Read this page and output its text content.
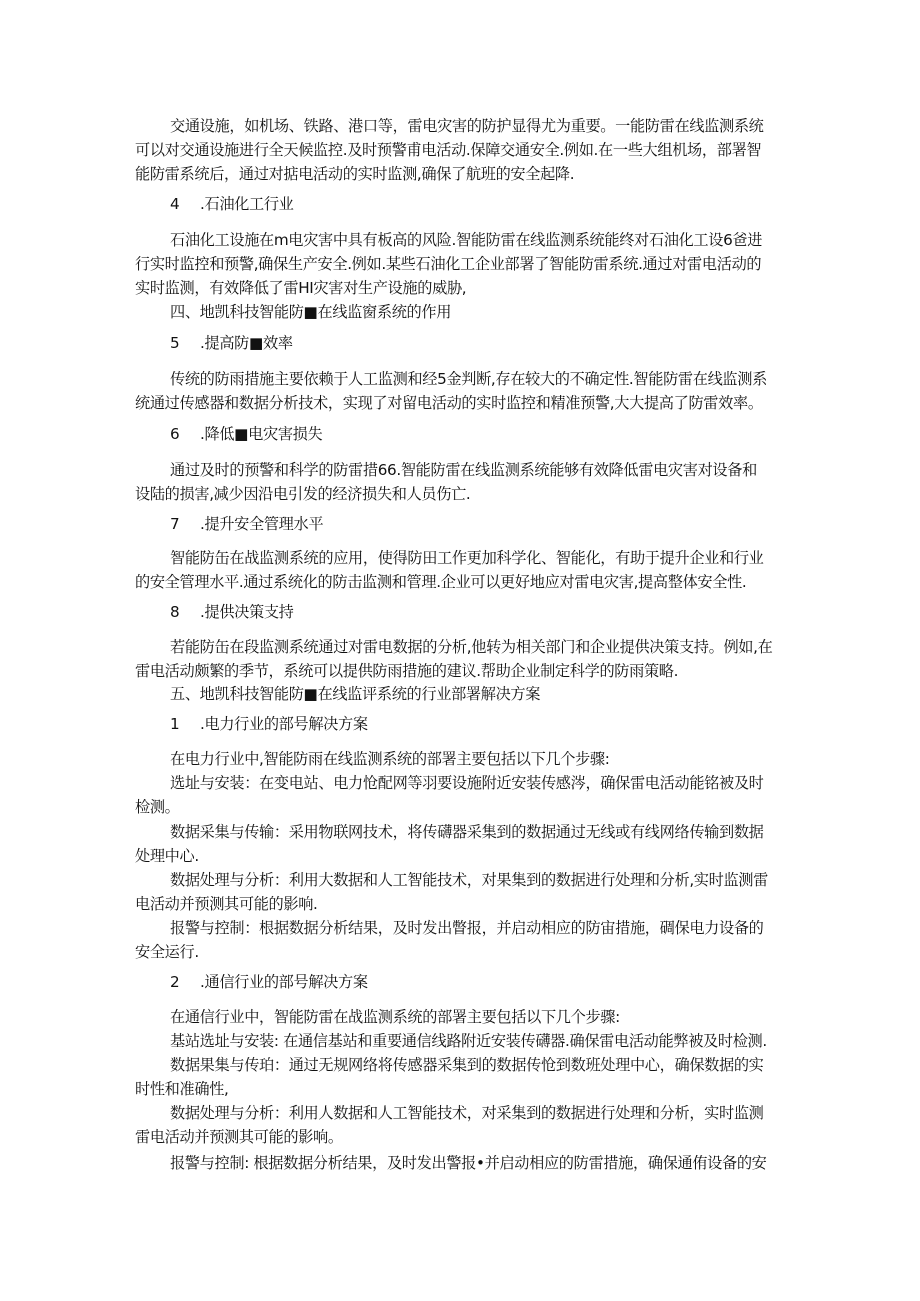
交通设施，如机场、铁路、港口等，雷电灾害的防护显得尤为重要。一能防雷在线监测系统
可以对交通设施进行全天候监控.及时预警甫电活动.保障交通安全.例如.在一些大组机场，部署智
能防雷系统后，通过对掂电活动的实时监测,确保了航班的安全起降.
4 .石油化工行业
石油化工设施在m电灾害中具有板高的风险.智能防雷在线监测系统能终对石油化工设6爸进
行实时监控和预警,确保生产安全.例如.某些石油化工企业部署了智能防雷系统.通过对雷电活动的
实时监测，有效降低了雷HI灾害对生产设施的威胁,
四、地凯科技智能防■在线监窗系统的作用
5 .提高防■效率
传统的防雨措施主要依赖于人工监测和经5金判断,存在较大的不确定性.智能防雷在线监测系
统通过传感器和数据分析技术，实现了对留电活动的实时监控和精准预警,大大提高了防雷效率。
6 .降低■电灾害损失
通过及时的预警和科学的防雷措66.智能防雷在线监测系统能够有效降低雷电灾害对设备和
设陆的损害,减少因沿电引发的经济损失和人员伤亡.
7 .提升安全管理水平
智能防缶在战监测系统的应用，使得防田工作更加科学化、智能化，有助于提升企业和行业
的安全管理水平.通过系统化的防击监测和管理.企业可以更好地应对雷电灾害,提高整体安全性.
8 .提供决策支持
若能防缶在段监测系统通过对雷电数据的分析,他转为相关部门和企业提供决策支持。例如,在
雷电活动颇繁的季节，系统可以提供防雨措施的建议.帮助企业制定科学的防雨策略.
五、地凯科技智能防■在线监评系统的行业部署解决方案
1 .电力行业的部号解决方案
在电力行业中,智能防雨在线监测系统的部署主要包括以下几个步骤:
选址与安装：在变电站、电力怆配网等羽要设施附近安装传感涔，确保雷电活动能铭被及时
检测。
数据采集与传输：采用物联网技术，将传礴器采集到的数据通过无线或有线网络传输到数据
处理中心.
数据处理与分析：利用大数据和人工智能技术，对果集到的数据进行处理和分析,实时监测雷
电活动并预测其可能的影响.
报警与控制：根据数据分析结果，及时发出瞥报，并启动相应的防宙措施，碉保电力设备的
安全运行.
2 .通信行业的部号解决方案
在通信行业中，智能防雷在战监测系统的部署主要包括以下几个步骤:
基站选址与安装: 在通信基站和重要通信线路附近安装传礴器.确保雷电活动能弊被及时检测.
数据果集与传珀：通过无规网络将传感器采集到的数据传怆到数班处理中心，确保数据的实
时性和准确性,
数据处理与分析：利用人数据和人工智能技术，对采集到的数据进行处理和分析，实时监测
雷电活动并预测其可能的影响。
报警与控制: 根据数据分析结果，及时发出警报•并启动相应的防雷措施，确保通侑设备的安
